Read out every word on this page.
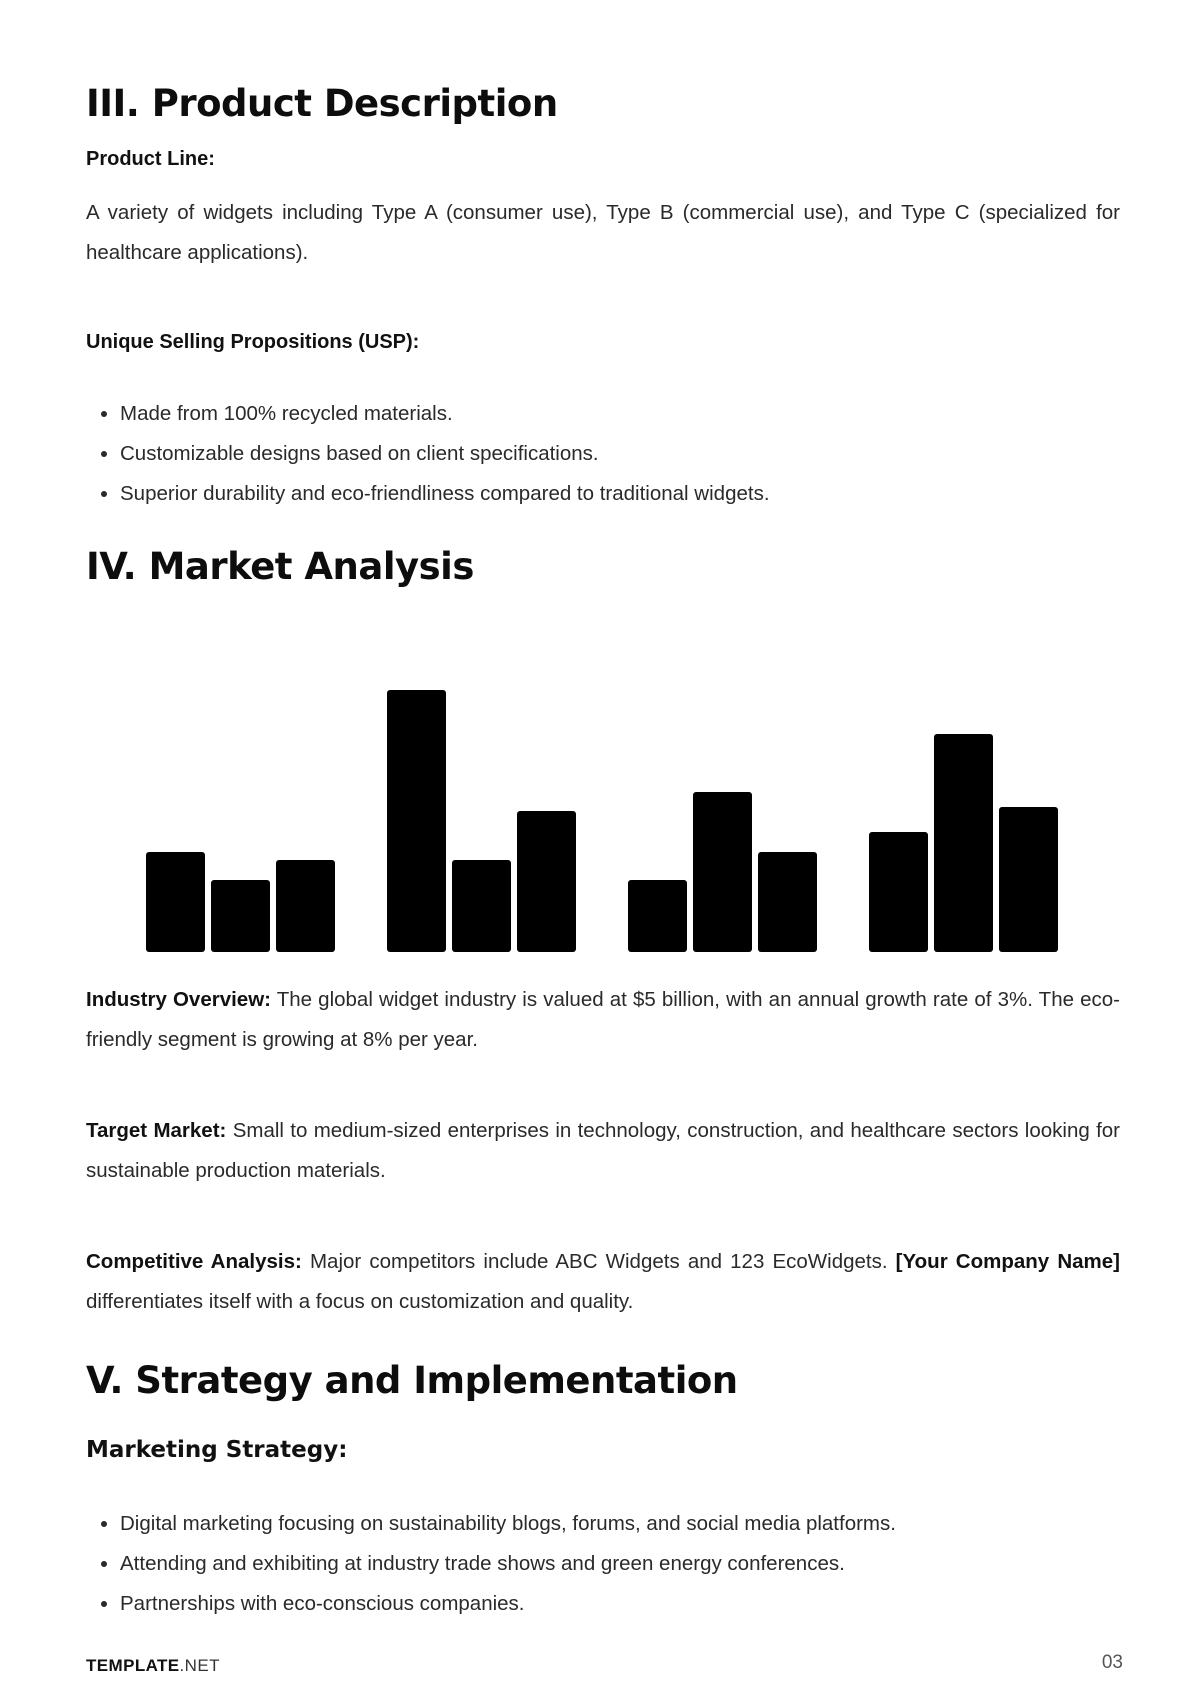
III. Product Description
Product Line:
A variety of widgets including Type A (consumer use), Type B (commercial use), and Type C (specialized for healthcare applications).
Unique Selling Propositions (USP):
• Made from 100% recycled materials.
• Customizable designs based on client specifications.
• Superior durability and eco-friendliness compared to traditional widgets.
IV. Market Analysis
Industry Overview: The global widget industry is valued at $5 billion, with an annual growth rate of 3%. The eco-friendly segment is growing at 8% per year.
Target Market: Small to medium-sized enterprises in technology, construction, and healthcare sectors looking for sustainable production materials.
Competitive Analysis: Major competitors include ABC Widgets and 123 EcoWidgets. [Your Company Name] differentiates itself with a focus on customization and quality.
V. Strategy and Implementation
Marketing Strategy:
• Digital marketing focusing on sustainability blogs, forums, and social media platforms.
• Attending and exhibiting at industry trade shows and green energy conferences.
• Partnerships with eco-conscious companies.
TEMPLATE.NET	03
